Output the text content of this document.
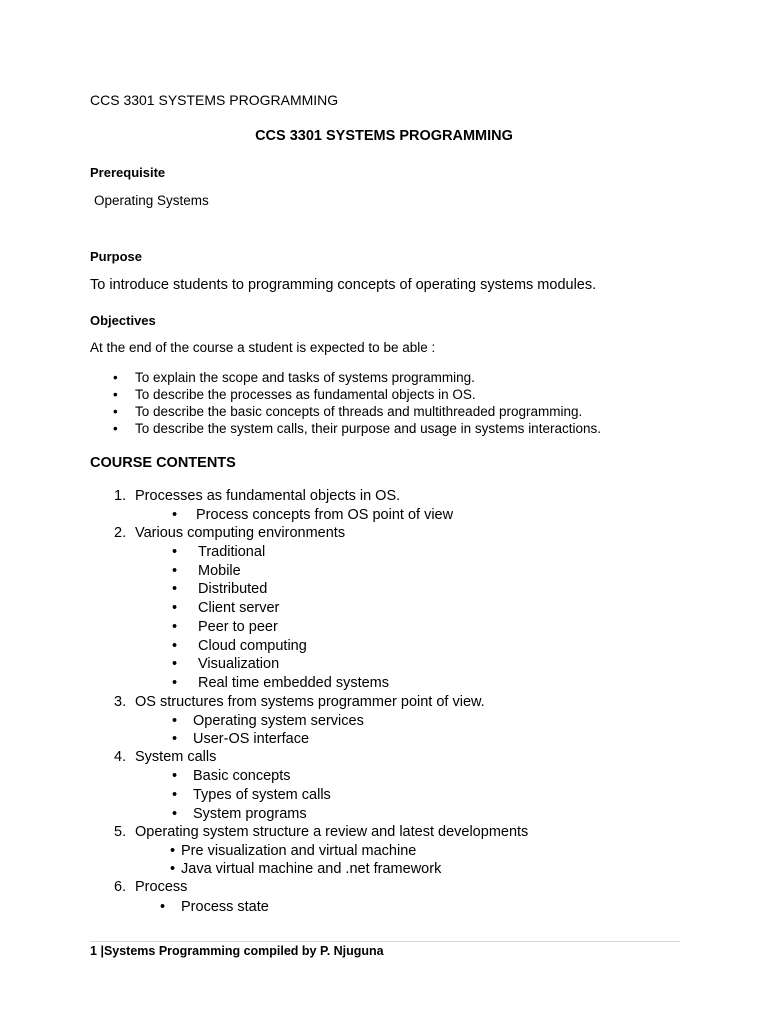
CCS 3301 SYSTEMS PROGRAMMING
CCS 3301 SYSTEMS PROGRAMMING
Prerequisite
Operating Systems
Purpose
To introduce students to programming concepts of operating systems modules.
Objectives
At the end of the course a student is expected to be able :
• To explain the scope and tasks of systems programming.
• To describe the processes as fundamental objects in OS.
• To describe the basic concepts of threads and multithreaded programming.
• To describe the system calls, their purpose and usage in systems interactions.
COURSE CONTENTS
1. Processes as fundamental objects in OS.
• Process concepts from OS point of view
2. Various computing environments
• Traditional
• Mobile
• Distributed
• Client server
• Peer to peer
• Cloud computing
• Visualization
• Real time embedded systems
3. OS structures from systems programmer point of view.
• Operating system services
• User-OS interface
4. System calls
• Basic concepts
• Types of system calls
• System programs
5. Operating system structure a review and latest developments
• Pre visualization and virtual machine
• Java virtual machine and .net framework
6. Process
• Process state
1 |Systems Programming compiled by P. Njuguna
